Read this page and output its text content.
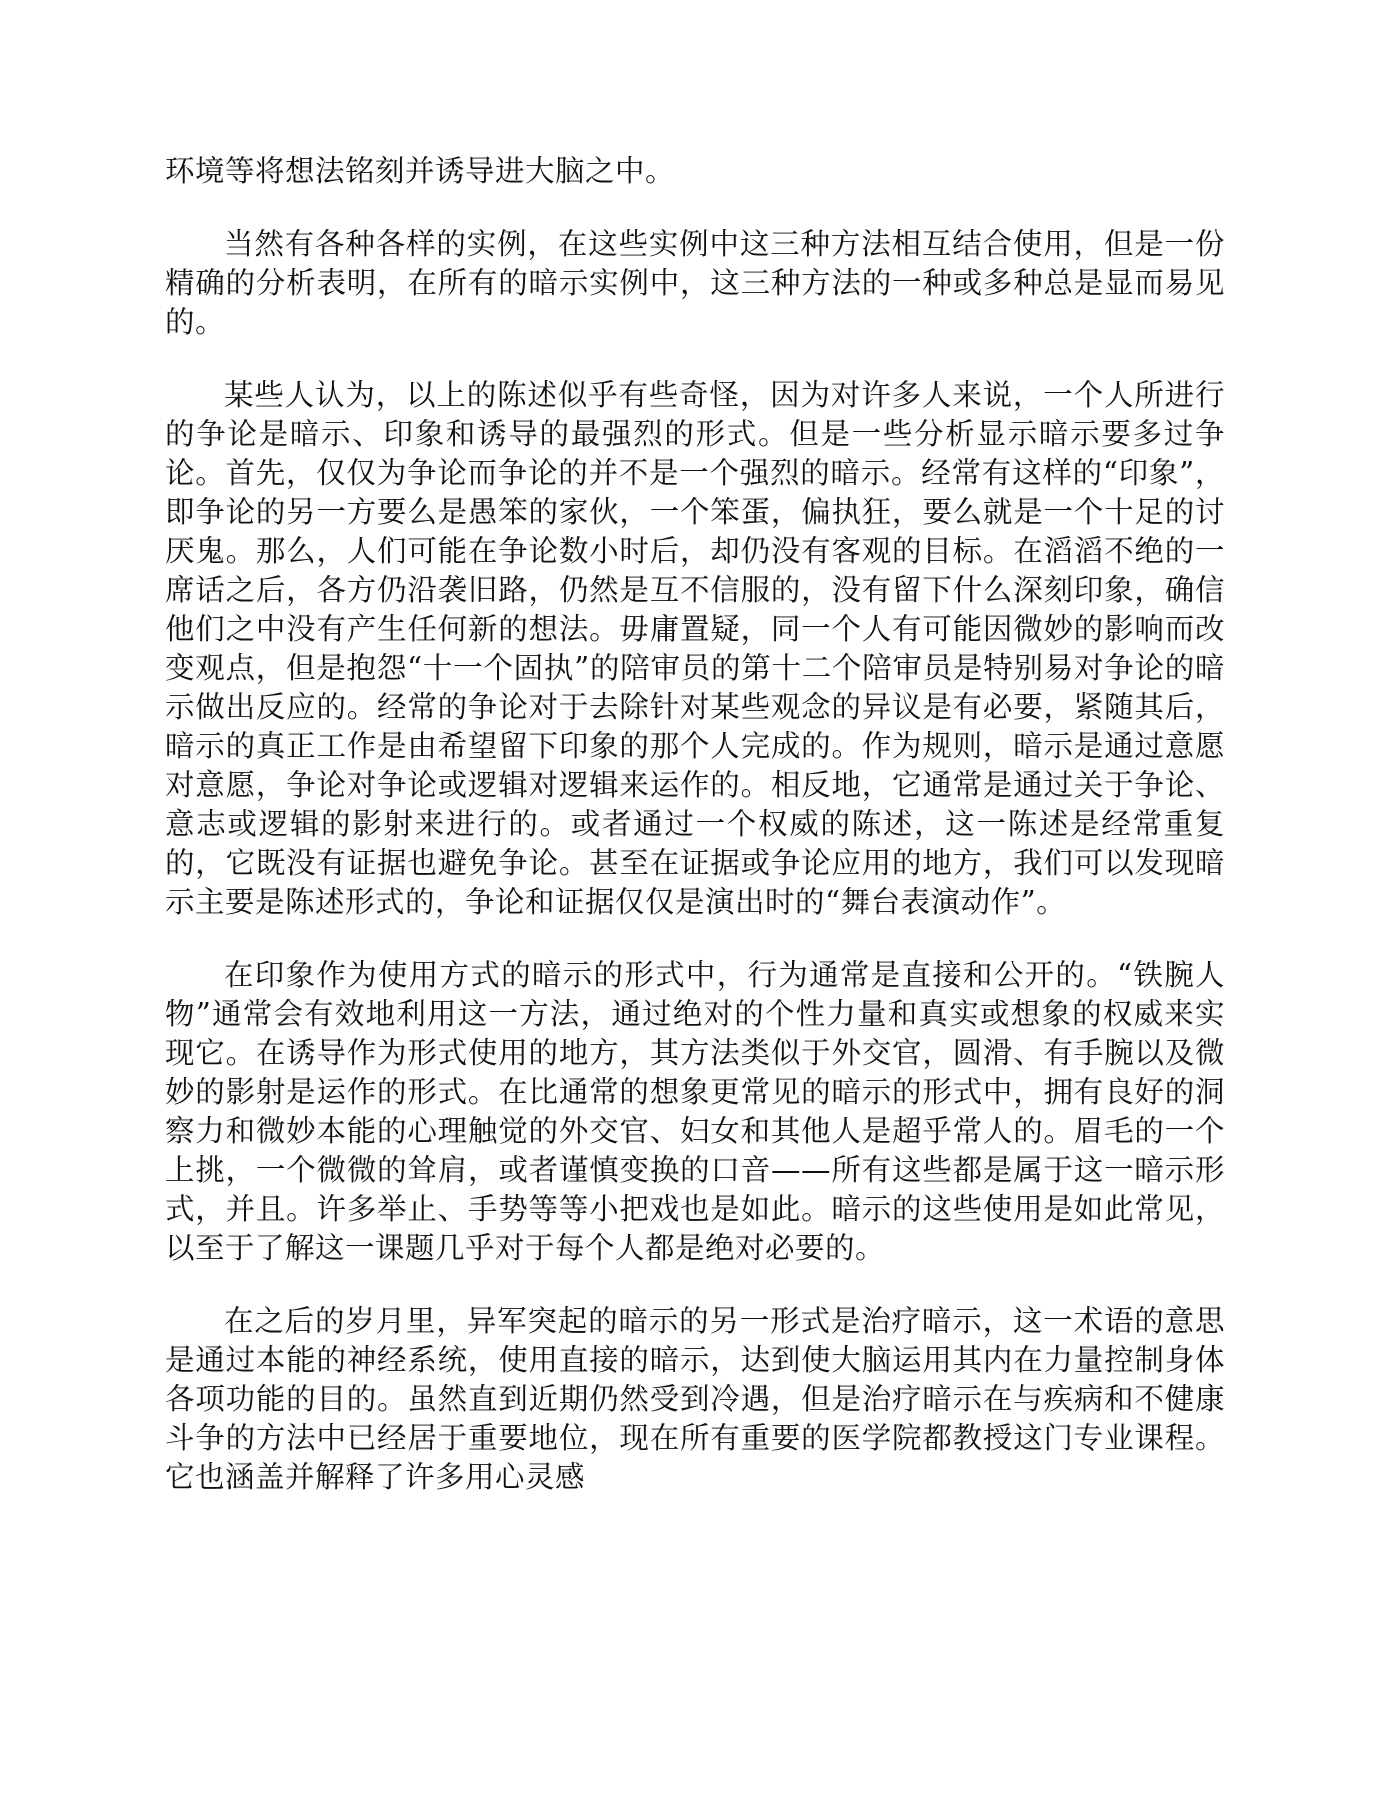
环境等将想法铭刻并诱导进大脑之中。

当然有各种各样的实例，在这些实例中这三种方法相互结合使用，但是一份精确的分析表明，在所有的暗示实例中，这三种方法的一种或多种总是显而易见的。

某些人认为，以上的陈述似乎有些奇怪，因为对许多人来说，一个人所进行的争论是暗示、印象和诱导的最强烈的形式。但是一些分析显示暗示要多过争论。首先，仅仅为争论而争论的并不是一个强烈的暗示。经常有这样的“印象”，即争论的另一方要么是愚笨的家伙，一个笨蛋，偏执狂，要么就是一个十足的讨厌鬼。那么，人们可能在争论数小时后，却仍没有客观的目标。在滔滔不绝的一席话之后，各方仍沿袭旧路，仍然是互不信服的，没有留下什么深刻印象，确信他们之中没有产生任何新的想法。毋庸置疑，同一个人有可能因微妙的影响而改变观点，但是抱怨“十一个固执”的陪审员的第十二个陪审员是特别易对争论的暗示做出反应的。经常的争论对于去除针对某些观念的异议是有必要，紧随其后，暗示的真正工作是由希望留下印象的那个人完成的。作为规则，暗示是通过意愿对意愿，争论对争论或逻辑对逻辑来运作的。相反地，它通常是通过关于争论、意志或逻辑的影射来进行的。或者通过一个权威的陈述，这一陈述是经常重复的，它既没有证据也避免争论。甚至在证据或争论应用的地方，我们可以发现暗示主要是陈述形式的，争论和证据仅仅是演出时的“舞台表演动作”。

在印象作为使用方式的暗示的形式中，行为通常是直接和公开的。“铁腕人物”通常会有效地利用这一方法，通过绝对的个性力量和真实或想象的权威来实现它。在诱导作为形式使用的地方，其方法类似于外交官，圆滑、有手腕以及微妙的影射是运作的形式。在比通常的想象更常见的暗示的形式中，拥有良好的洞察力和微妙本能的心理触觉的外交官、妇女和其他人是超乎常人的。眉毛的一个上挑，一个微微的耸肩，或者谨慎变换的口音——所有这些都是属于这一暗示形式，并且。许多举止、手势等等小把戏也是如此。暗示的这些使用是如此常见，以至于了解这一课题几乎对于每个人都是绝对必要的。

在之后的岁月里，异军突起的暗示的另一形式是治疗暗示，这一术语的意思是通过本能的神经系统，使用直接的暗示，达到使大脑运用其内在力量控制身体各项功能的目的。虽然直到近期仍然受到冷遇，但是治疗暗示在与疾病和不健康斗争的方法中已经居于重要地位，现在所有重要的医学院都教授这门专业课程。它也涵盖并解释了许多用心灵感
